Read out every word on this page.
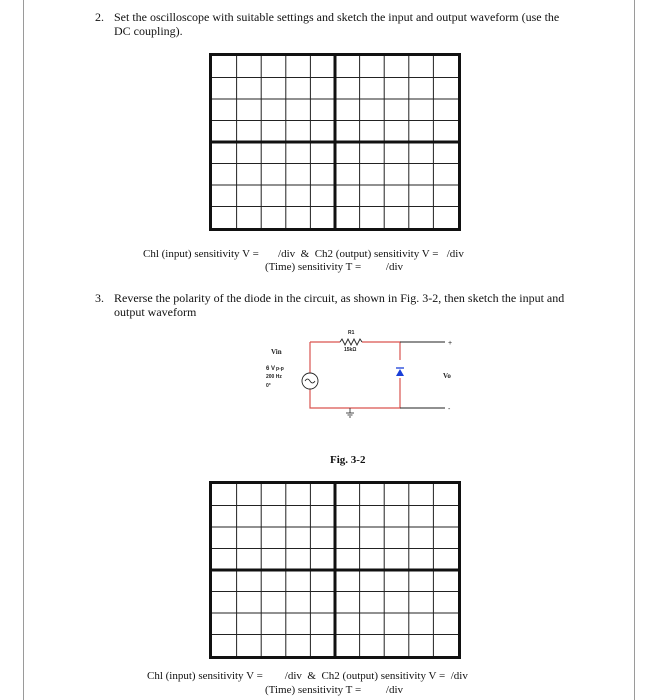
2. Set the oscilloscope with suitable settings and sketch the input and output waveform (use the
DC coupling).
Chl (input) sensitivity V =       /div  &  Ch2 (output) sensitivity V =   /div
(Time) sensitivity T =         /div
3. Reverse the polarity of the diode in the circuit, as shown in Fig. 3-2, then sketch the input and
output waveform
R1
15kΩ
Vin
6 Vp-p
200 Hz
0°
+
-
Vo
Fig. 3-2
Chl (input) sensitivity V =        /div  &  Ch2 (output) sensitivity V =  /div
(Time) sensitivity T =         /div
